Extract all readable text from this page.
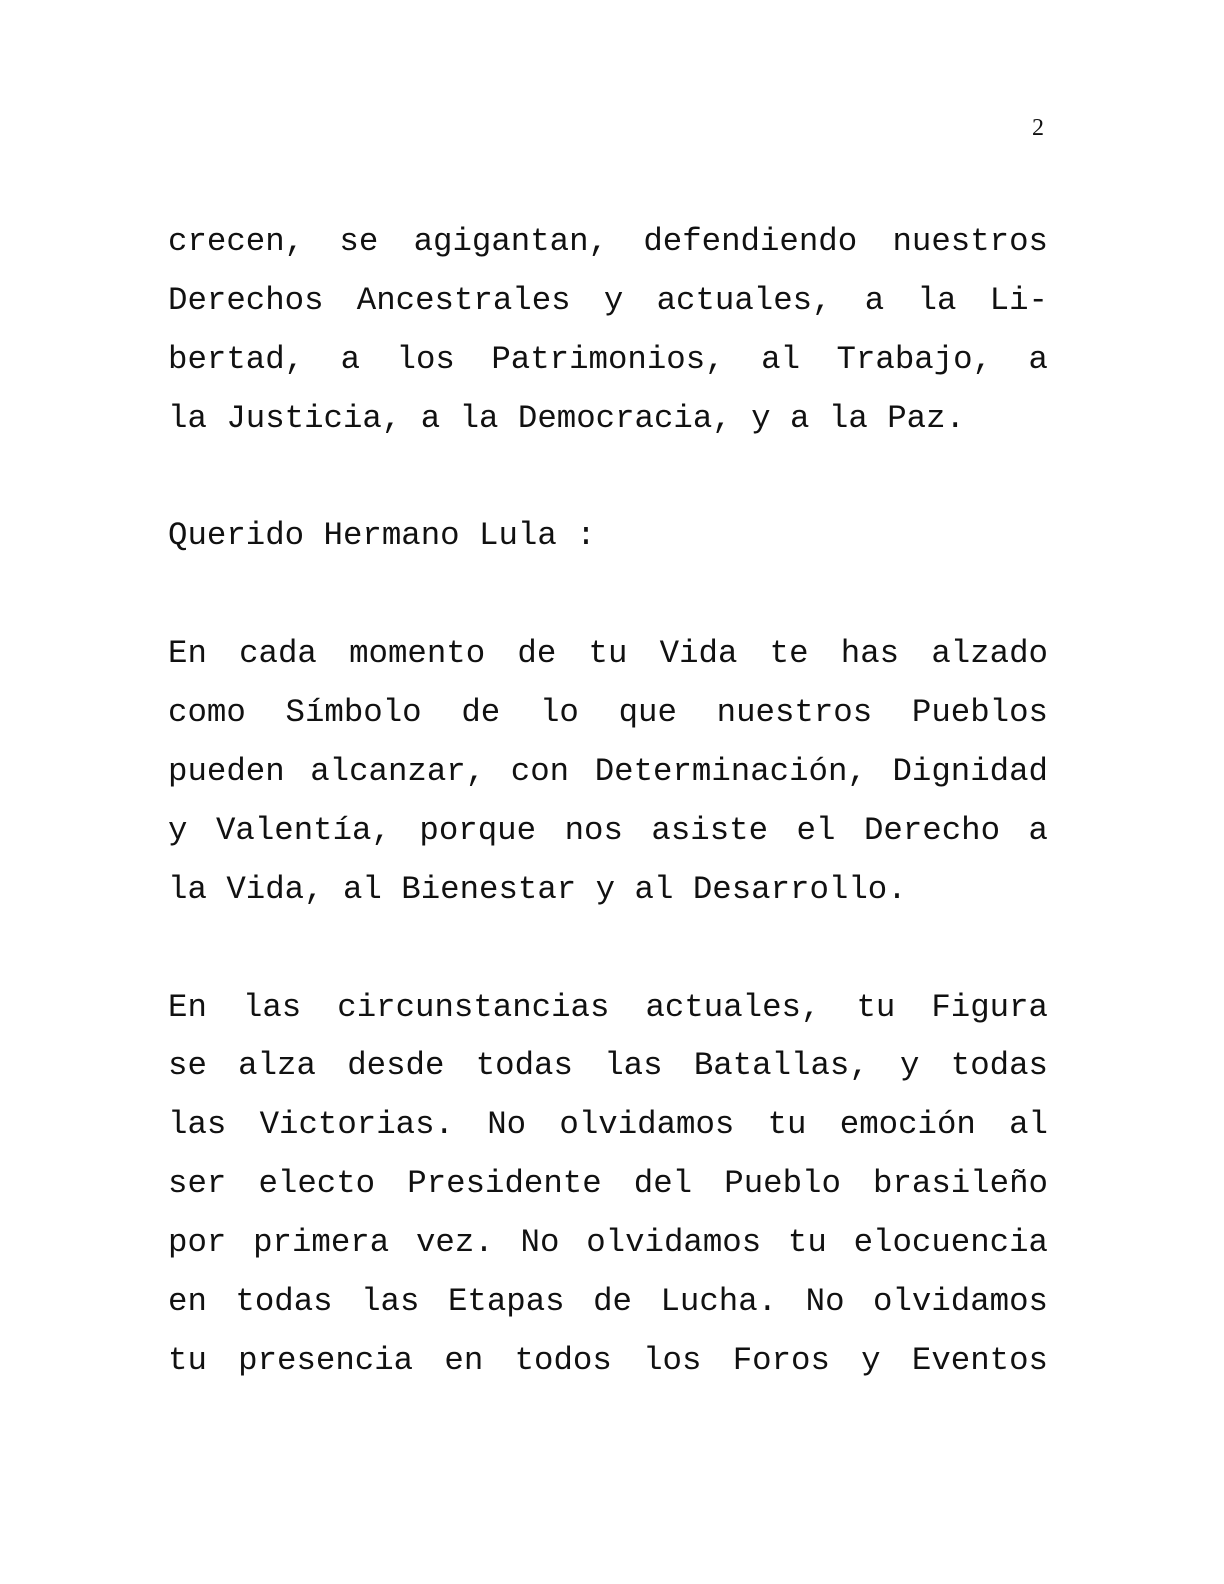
2

crecen, se agigantan, defendiendo nuestros
Derechos Ancestrales y actuales, a la Li-
bertad, a los Patrimonios, al Trabajo, a
la Justicia, a la Democracia, y a la Paz.

Querido Hermano Lula :

En cada momento de tu Vida te has alzado
como Símbolo de lo que nuestros Pueblos
pueden alcanzar, con Determinación, Dignidad
y Valentía, porque nos asiste el Derecho a
la Vida, al Bienestar y al Desarrollo.

En las circunstancias actuales, tu Figura
se alza desde todas las Batallas, y todas
las Victorias. No olvidamos tu emoción al
ser electo Presidente del Pueblo brasileño
por primera vez. No olvidamos tu elocuencia
en todas las Etapas de Lucha. No olvidamos
tu presencia en todos los Foros y Eventos
